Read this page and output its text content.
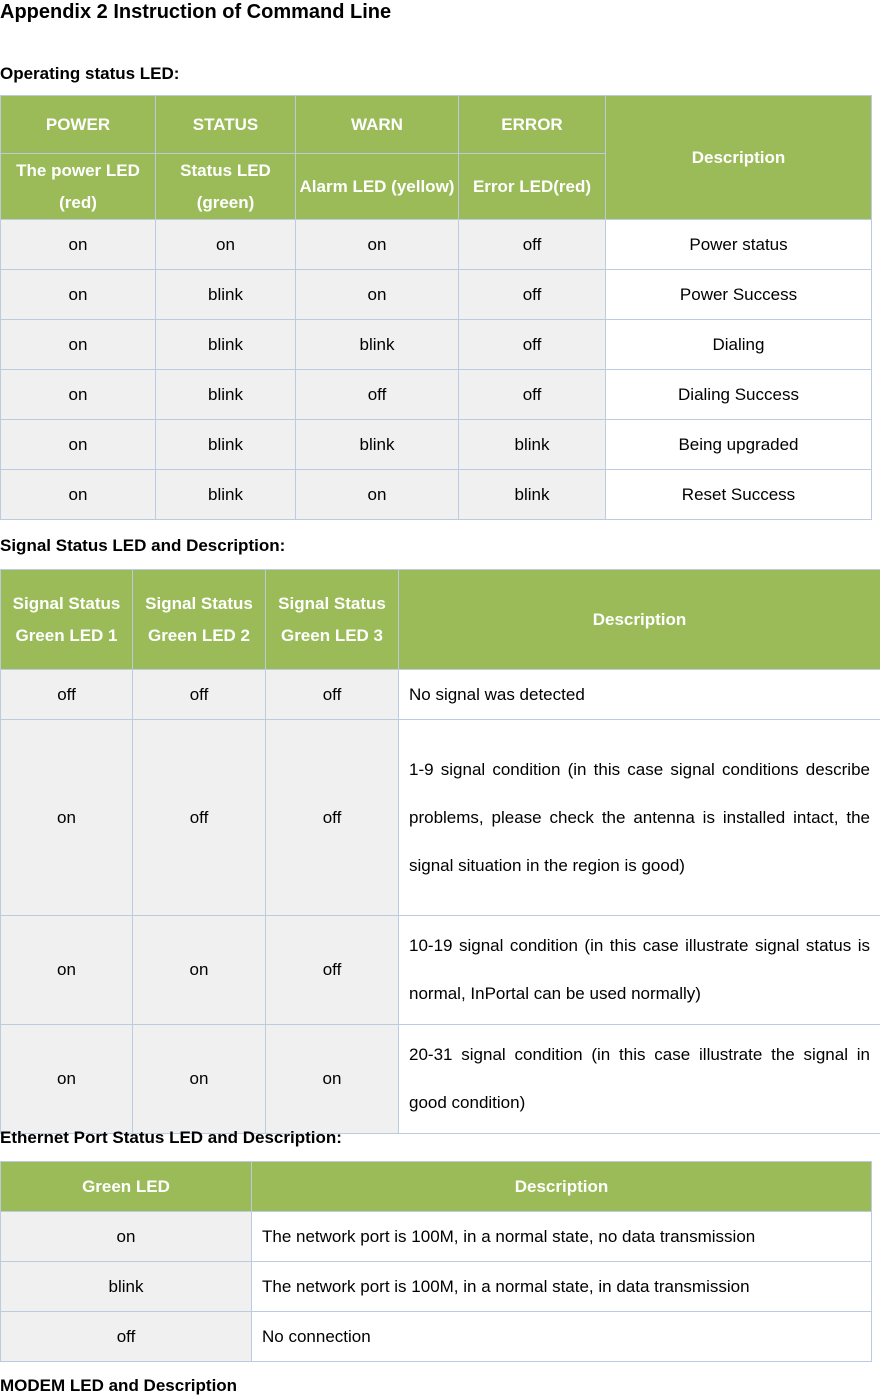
Appendix 2 Instruction of Command Line
Operating status LED:
POWER	STATUS	WARN	ERROR	Description
The power LED (red)	Status LED (green)	Alarm LED (yellow)	Error LED(red)	
on	on	on	off	Power status
on	blink	on	off	Power Success
on	blink	blink	off	Dialing
on	blink	off	off	Dialing Success
on	blink	blink	blink	Being upgraded
on	blink	on	blink	Reset Success
Signal Status LED and Description:
Signal Status Green LED 1	Signal Status Green LED 2	Signal Status Green LED 3	Description
off	off	off	No signal was detected
on	off	off	1-9 signal condition (in this case signal conditions describe problems, please check the antenna is installed intact, the signal situation in the region is good)
on	on	off	10-19 signal condition (in this case illustrate signal status is normal, InPortal can be used normally)
on	on	on	20-31 signal condition (in this case illustrate the signal in good condition)
Ethernet Port Status LED and Description:
Green LED	Description
on	The network port is 100M, in a normal state, no data transmission
blink	The network port is 100M, in a normal state, in data transmission
off	No connection
MODEM LED and Description
